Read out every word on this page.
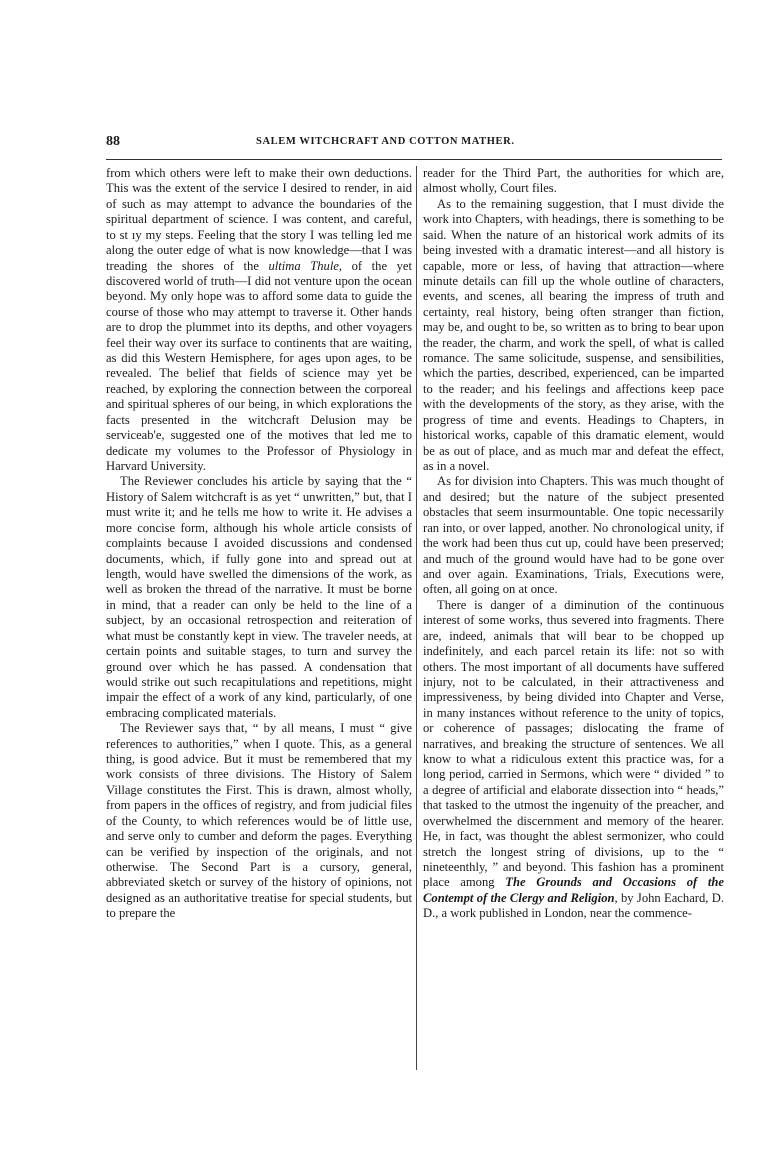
88	SALEM WITCHCRAFT AND COTTON MATHER.

from which others were left to make their own deductions. This was the extent of the service I desired to render, in aid of such as may attempt to advance the boundaries of the spiritual department of science. I was content, and careful, to st ıy my steps. Feeling that the story I was telling led me along the outer edge of what is now knowledge—that I was treading the shores of the ultima Thule, of the yet discovered world of truth—I did not venture upon the ocean beyond. My only hope was to afford some data to guide the course of those who may attempt to traverse it. Other hands are to drop the plummet into its depths, and other voyagers feel their way over its surface to continents that are waiting, as did this Western Hemisphere, for ages upon ages, to be revealed. The belief that fields of science may yet be reached, by exploring the connection between the corporeal and spiritual spheres of our being, in which explorations the facts presented in the witchcraft Delusion may be serviceab'e, suggested one of the motives that led me to dedicate my volumes to the Professor of Physiology in Harvard University.

The Reviewer concludes his article by saying that the “ History of Salem witchcraft is as yet “ unwritten,” but, that I must write it; and he tells me how to write it. He advises a more concise form, although his whole article consists of complaints because I avoided discussions and condensed documents, which, if fully gone into and spread out at length, would have swelled the dimensions of the work, as well as broken the thread of the narrative. It must be borne in mind, that a reader can only be held to the line of a subject, by an occasional retrospection and reiteration of what must be constantly kept in view. The traveler needs, at certain points and suitable stages, to turn and survey the ground over which he has passed. A condensation that would strike out such recapitulations and repetitions, might impair the effect of a work of any kind, particularly, of one embracing complicated materials.

The Reviewer says that, “ by all means, I must “ give references to authorities,” when I quote. This, as a general thing, is good advice. But it must be remembered that my work consists of three divisions. The History of Salem Village constitutes the First. This is drawn, almost wholly, from papers in the offices of registry, and from judicial files of the County, to which references would be of little use, and serve only to cumber and deform the pages. Everything can be verified by inspection of the originals, and not otherwise. The Second Part is a cursory, general, abbreviated sketch or survey of the history of opinions, not designed as an authoritative treatise for special students, but to prepare the

reader for the Third Part, the authorities for which are, almost wholly, Court files.

As to the remaining suggestion, that I must divide the work into Chapters, with headings, there is something to be said. When the nature of an historical work admits of its being invested with a dramatic interest—and all history is capable, more or less, of having that attraction—where minute details can fill up the whole outline of characters, events, and scenes, all bearing the impress of truth and certainty, real history, being often stranger than fiction, may be, and ought to be, so written as to bring to bear upon the reader, the charm, and work the spell, of what is called romance. The same solicitude, suspense, and sensibilities, which the parties, described, experienced, can be imparted to the reader; and his feelings and affections keep pace with the developments of the story, as they arise, with the progress of time and events. Headings to Chapters, in historical works, capable of this dramatic element, would be as out of place, and as much mar and defeat the effect, as in a novel.

As for division into Chapters. This was much thought of and desired; but the nature of the subject presented obstacles that seem insurmountable. One topic necessarily ran into, or over lapped, another. No chronological unity, if the work had been thus cut up, could have been preserved; and much of the ground would have had to be gone over and over again. Examinations, Trials, Executions were, often, all going on at once.

There is danger of a diminution of the continuous interest of some works, thus severed into fragments. There are, indeed, animals that will bear to be chopped up indefinitely, and each parcel retain its life: not so with others. The most important of all documents have suffered injury, not to be calculated, in their attractiveness and impressiveness, by being divided into Chapter and Verse, in many instances without reference to the unity of topics, or coherence of passages; dislocating the frame of narratives, and breaking the structure of sentences. We all know to what a ridiculous extent this practice was, for a long period, carried in Sermons, which were “ divided ” to a degree of artificial and elaborate dissection into “ heads,” that tasked to the utmost the ingenuity of the preacher, and overwhelmed the discernment and memory of the hearer. He, in fact, was thought the ablest sermonizer, who could stretch the longest string of divisions, up to the “ nineteenthly, ” and beyond. This fashion has a prominent place among The Grounds and Occasions of the Contempt of the Clergy and Religion, by John Eachard, D. D., a work published in London, near the commence-
